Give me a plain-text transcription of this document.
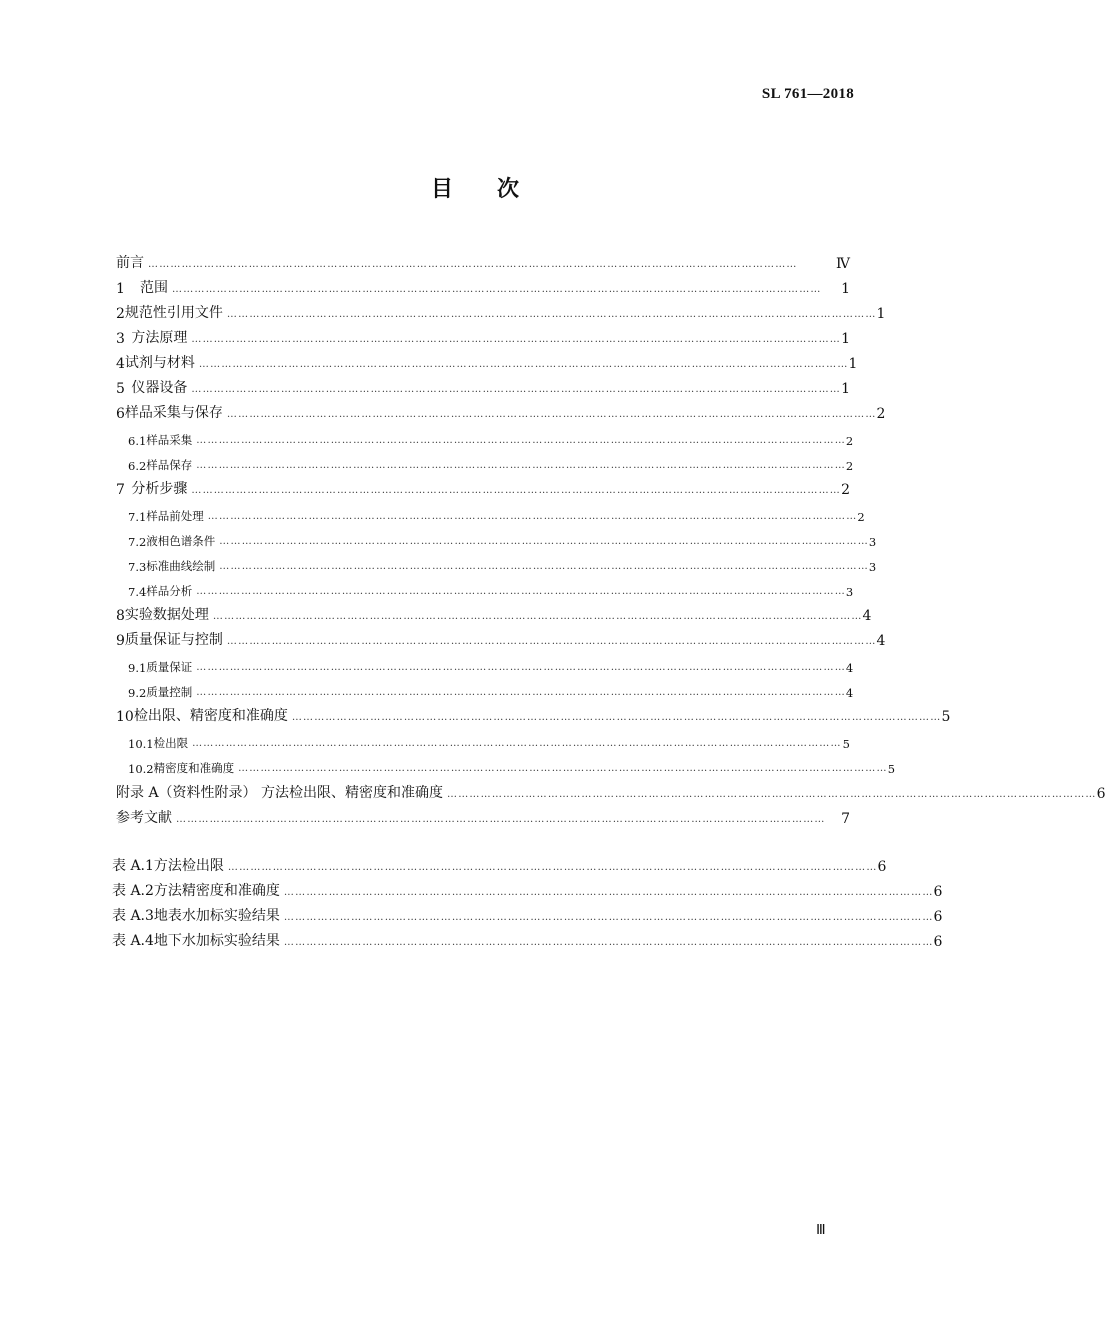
SL 761—2018
目 次
前言 …………………………………………………………………………………………………………………………………………………………	Ⅳ
1	范围 …………………………………………………………………………………………………………………………………………………………	1
2 规范性引用文件 ………………………………………………………………………………………………………………………………………………………… 1
3 方法原理 ………………………………………………………………………………………………………………………………………………………… 1
4 试剂与材料 ………………………………………………………………………………………………………………………………………………………… 1
5 仪器设备 ………………………………………………………………………………………………………………………………………………………… 1
6 样品采集与保存 ………………………………………………………………………………………………………………………………………………………… 2
6.1 样品采集 ………………………………………………………………………………………………………………………………………………………… 2
6.2 样品保存 ………………………………………………………………………………………………………………………………………………………… 2
7 分析步骤 ………………………………………………………………………………………………………………………………………………………… 2
7.1 样品前处理 ………………………………………………………………………………………………………………………………………………………… 2
7.2 液相色谱条件 ………………………………………………………………………………………………………………………………………………………… 3
7.3 标准曲线绘制 ………………………………………………………………………………………………………………………………………………………… 3
7.4 样品分析 ………………………………………………………………………………………………………………………………………………………… 3
8 实验数据处理 ………………………………………………………………………………………………………………………………………………………… 4
9 质量保证与控制 ………………………………………………………………………………………………………………………………………………………… 4
9.1 质量保证 ………………………………………………………………………………………………………………………………………………………… 4
9.2 质量控制 ………………………………………………………………………………………………………………………………………………………… 4
10 检出限、精密度和准确度 ………………………………………………………………………………………………………………………………………………………… 5
10.1 检出限 ………………………………………………………………………………………………………………………………………………………… 5
10.2 精密度和准确度 ………………………………………………………………………………………………………………………………………………………… 5
附录 A（资料性附录） 方法检出限、精密度和准确度 ………………………………………………………………………………………………………………………………………………………… 6
参考文献 …………………………………………………………………………………………………………………………………………………………	7
表 A.1 方法检出限 ………………………………………………………………………………………………………………………………………………………… 6
表 A.2 方法精密度和准确度 ………………………………………………………………………………………………………………………………………………………… 6
表 A.3 地表水加标实验结果 ………………………………………………………………………………………………………………………………………………………… 6
表 A.4 地下水加标实验结果 ………………………………………………………………………………………………………………………………………………………… 6
Ⅲ
